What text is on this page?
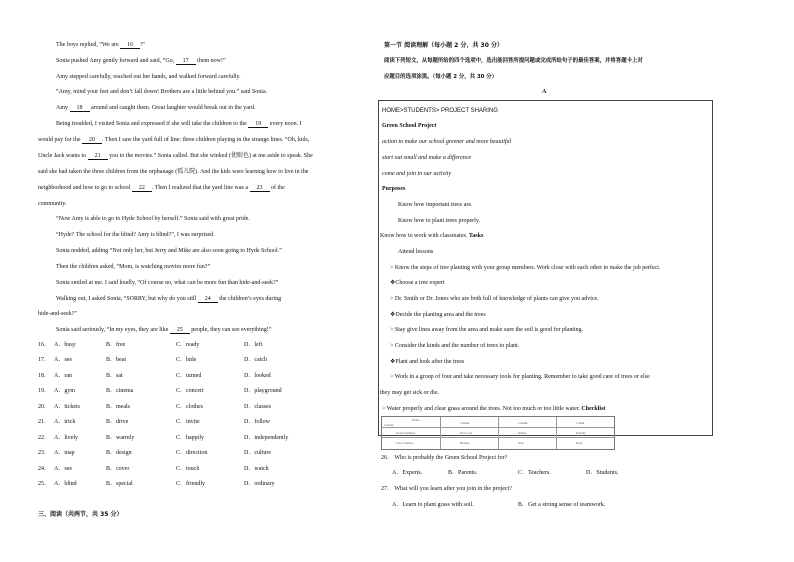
The boys replied, “We are 16 !”
Sonia pushed Amy gently forward and said, “Go, 17 them now!”
Amy stepped carefully, reached out her hands, and walked forward carefully.
“Amy, mind your feet and don’t fall down! Brothers are a little behind you.” said Sonia.
Amy 18 around and caught them. Great laughter would break out in the yard.
Being troubled, I visited Sonia and expressed if she will take the children to the 19 every noon. I
would pay for the 20 . Then I saw the yard full of line: three children playing in the strange lines. “Oh, kids,
Uncle Jack wants to 21 you to the movies.” Sonia called. But she winked (使眼色) at me aside to speak. She
said she had taken the three children from the orphanage (孤儿院). And the kids were learning how to live in the
neighborhood and how to go to school 22 . Then I realized that the yard line was a 23 of the
community.
“Now Amy is able to go to Hyde School by herself.” Sonia said with great pride.
“Hyde? The school for the blind? Amy is blind?”, I was surprised.
Sonia nodded, adding “Not only her, but Jerry and Mike are also soon going to Hyde School.”
Then the children asked, “Mom, is watching movies more fun?”
Sonia smiled at me. I said loudly, “Of course no, what can be more fun than hide-and-seek?”
Walking out, I asked Sonia, “SORRY, but why do you still 24 the children’s eyes during
hide-and-seek?”
Sonia said seriously, “In my eyes, they are like 25 people, they can see everything!”
16． A．busy	B．free	C．ready	D．left
17． A．see	B．beat	C．hide	D．catch
18． A．ran	B．sat	C．turned	D．looked
19． A．gym	B．cinema	C．concert	D．playground
20． A．tickets	B．meals	C．clothes	D．classes
21． A．trick	B．drive	C．invite	D．follow
22． A．lively	B．warmly	C．happily	D．independently
23． A．map	B．design	C．direction	D．culture
24． A．see	B．cover	C．touch	D．watch
25． A．blind	B．special	C．friendly	D．ordinary
三、阅读（共两节，共 35 分）
第一节 阅读理解（每小题 2 分，共 30 分）
阅读下列短文，从每题所给的四个选项中，选出能回答所提问题或完成所给句子的最佳答案，并将答题卡上对
应题目的选项涂黑。（每小题 2 分，共 30 分）
A
HOME>STUDENTS> PROJECT SHARING
Green School Project
action to make our school greener and more beautiful
start out small and make a difference
come and join in our activity
Purposes
Know how important trees are.
Know how to plant trees properly.
Know how to work with classmates. Tasks
Attend lessons
> Know the steps of tree planting with your group members. Work close with each other to make the job perfect.
❖Choose a tree expert
> Dr. Smith or Dr. Jones who are both full of knowledge of plants can give you advice.
❖Decide the planting area and the trees
> Stay give lines away from the area and make sure the soil is good for planting.
> Consider the kinds and the number of trees to plant.
❖Plant and look after the trees
> Work in a group of four and take necessary tools for planting. Remember to take good care of trees or else
they may get sick or die.
> Water properly and clear grass around the trees. Not too much or too little water. Checklist
Points
Content	3 marks	2 marks	1 mark
Group members	Every one	Others	Nobody
Tree condition	Healthy	Sick	Dead
26． Who is probably the Green School Project for?
A．Experts.	B．Parents.	C．Teachers.	D．Students.
27． What will you learn after you join in the project?
A．Learn to plant grass with soil.	B．Get a strong sense of teamwork.
